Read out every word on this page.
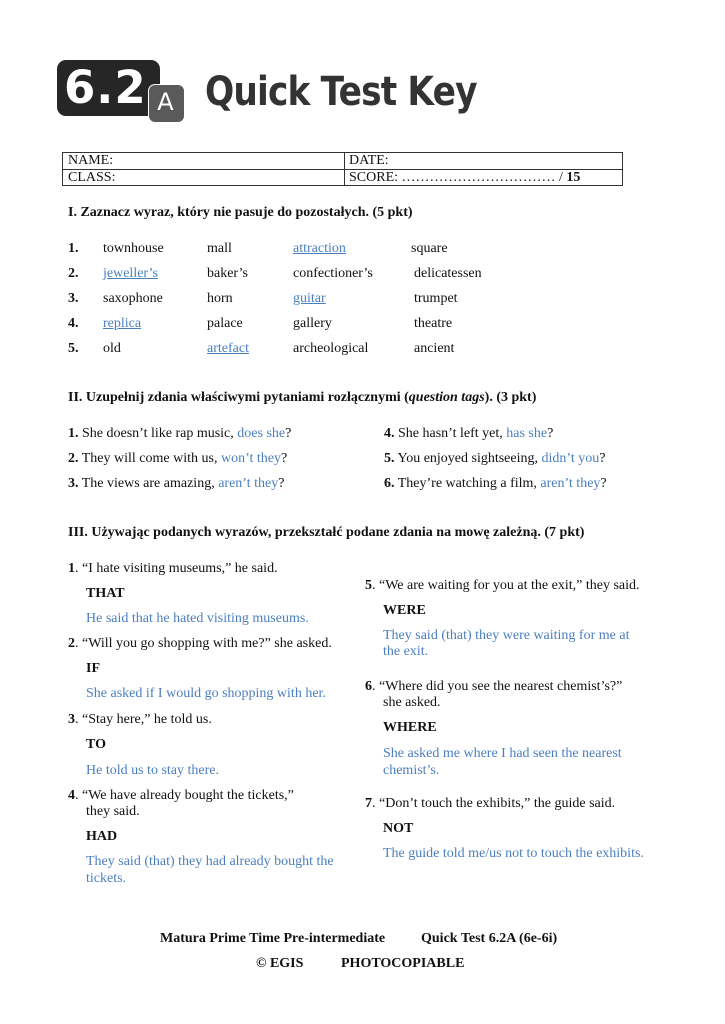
6.2 A Quick Test Key
NAME:	DATE:
CLASS:	SCORE: …………………………… / 15
I. Zaznacz wyraz, który nie pasuje do pozostałych. (5 pkt)
1. townhouse	mall	attraction	square
2. jeweller’s	baker’s	confectioner’s	delicatessen
3. saxophone	horn	guitar	trumpet
4. replica	palace	gallery	theatre
5. old	artefact	archeological	ancient
II. Uzupełnij zdania właściwymi pytaniami rozłącznymi (question tags). (3 pkt)
1. She doesn’t like rap music, does she?
2. They will come with us, won’t they?
3. The views are amazing, aren’t they?
4. She hasn’t left yet, has she?
5. You enjoyed sightseeing, didn’t you?
6. They’re watching a film, aren’t they?
III. Używając podanych wyrazów, przekształć podane zdania na mowę zależną. (7 pkt)
1. “I hate visiting museums,” he said.
THAT
He said that he hated visiting museums.
2. “Will you go shopping with me?” she asked.
IF
She asked if I would go shopping with her.
3. “Stay here,” he told us.
TO
He told us to stay there.
4. “We have already bought the tickets,”
they said.
HAD
They said (that) they had already bought the
tickets.
5. “We are waiting for you at the exit,” they said.
WERE
They said (that) they were waiting for me at
the exit.
6. “Where did you see the nearest chemist’s?”
she asked.
WHERE
She asked me where I had seen the nearest
chemist’s.
7. “Don’t touch the exhibits,” the guide said.
NOT
The guide told me/us not to touch the exhibits.
Matura Prime Time Pre-intermediate	Quick Test 6.2A (6e-6i)
© EGIS	PHOTOCOPIABLE
